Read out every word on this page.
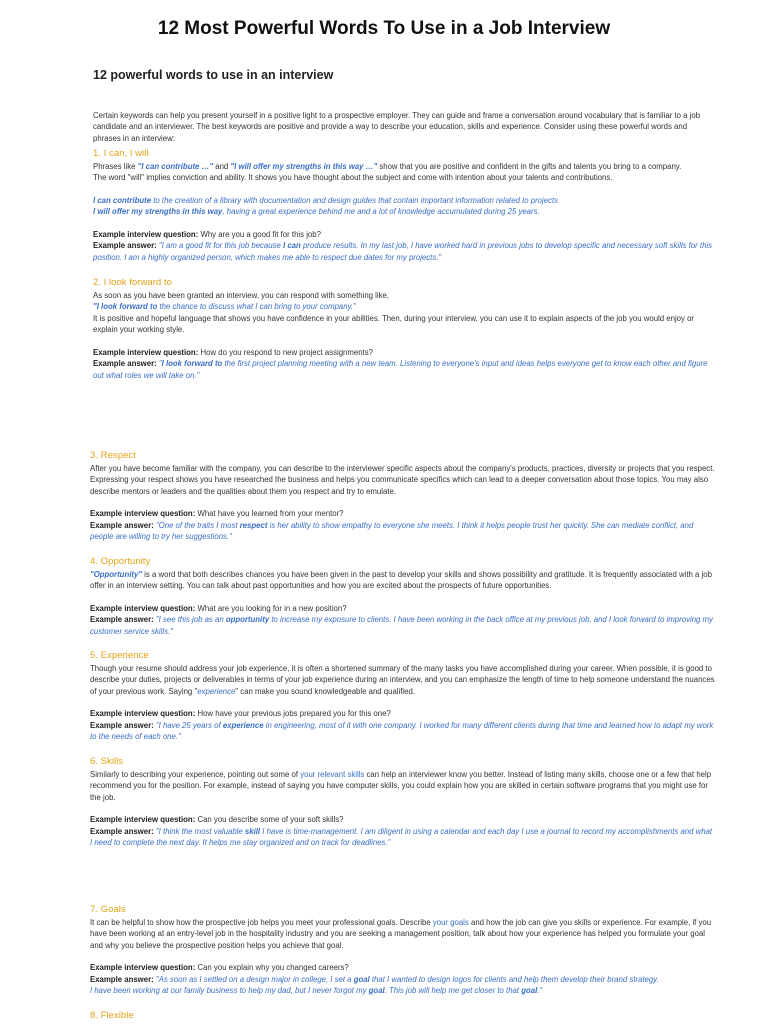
12 Most Powerful Words To Use in a Job Interview
12 powerful words to use in an interview

Certain keywords can help you present yourself in a positive light to a prospective employer. They can guide and frame a conversation around vocabulary that is familiar to a job candidate and an interviewer. The best keywords are positive and provide a way to describe your education, skills and experience. Consider using these powerful words and phrases in an interview:

1. I can, I will

Phrases like "I can contribute …" and "I will offer my strengths in this way …" show that you are positive and confident in the gifts and talents you bring to a company.

The word "will" implies conviction and ability. It shows you have thought about the subject and come with intention about your talents and contributions.

I can contribute to the creation of a library with documentation and design guides that contain important information related to projects

I will offer my strengths in this way, having a great experience behind me and a lot of knowledge accumulated during 25 years.

Example interview question: Why are you a good fit for this job?

Example answer: "I am a good fit for this job because I can produce results. In my last job, I have worked hard in previous jobs to develop specific and necessary soft skills for this position. I am a highly organized person, which makes me able to respect due dates for my projects."

2. I look forward to

As soon as you have been granted an interview, you can respond with something like,

"I look forward to the chance to discuss what I can bring to your company."

It is positive and hopeful language that shows you have confidence in your abilities. Then, during your interview, you can use it to explain aspects of the job you would enjoy or explain your working style.

Example interview question: How do you respond to new project assignments?

Example answer: "I look forward to the first project planning meeting with a new team. Listening to everyone's input and ideas helps everyone get to know each other and figure out what roles we will take on."

3. Respect

After you have become familiar with the company, you can describe to the interviewer specific aspects about the company's products, practices, diversity or projects that you respect. Expressing your respect shows you have researched the business and helps you communicate specifics which can lead to a deeper conversation about those topics. You may also describe mentors or leaders and the qualities about them you respect and try to emulate.

Example interview question: What have you learned from your mentor?

Example answer: "One of the traits I most respect is her ability to show empathy to everyone she meets. I think it helps people trust her quickly. She can mediate conflict, and people are willing to try her suggestions."

4. Opportunity

"Opportunity" is a word that both describes chances you have been given in the past to develop your skills and shows possibility and gratitude. It is frequently associated with a job offer in an interview setting. You can talk about past opportunities and how you are excited about the prospects of future opportunities.

Example interview question: What are you looking for in a new position?

Example answer: "I see this job as an opportunity to increase my exposure to clients. I have been working in the back office at my previous job, and I look forward to improving my customer service skills."

5. Experience

Though your resume should address your job experience, it is often a shortened summary of the many tasks you have accomplished during your career. When possible, it is good to describe your duties, projects or deliverables in terms of your job experience during an interview, and you can emphasize the length of time to help someone understand the nuances of your previous work. Saying "experience" can make you sound knowledgeable and qualified.

Example interview question: How have your previous jobs prepared you for this one?

Example answer: "I have 25 years of experience in engineering, most of it with one company. I worked for many different clients during that time and learned how to adapt my work to the needs of each one."

6. Skills

Similarly to describing your experience, pointing out some of your relevant skills can help an interviewer know you better. Instead of listing many skills, choose one or a few that help recommend you for the position. For example, instead of saying you have computer skills, you could explain how you are skilled in certain software programs that you might use for the job.

Example interview question: Can you describe some of your soft skills?

Example answer: "I think the most valuable skill I have is time-management. I am diligent in using a calendar and each day I use a journal to record my accomplishments and what I need to complete the next day. It helps me stay organized and on track for deadlines."

7. Goals

It can be helpful to show how the prospective job helps you meet your professional goals. Describe your goals and how the job can give you skills or experience. For example, if you have been working at an entry-level job in the hospitality industry and you are seeking a management position, talk about how your experience has helped you formulate your goal and why you believe the prospective position helps you achieve that goal.

Example interview question: Can you explain why you changed careers?

Example answer: "As soon as I settled on a design major in college, I set a goal that I wanted to design logos for clients and help them develop their brand strategy.

I have been working at our family business to help my dad, but I never forgot my goal. This job will help me get closer to that goal."

8. Flexible
